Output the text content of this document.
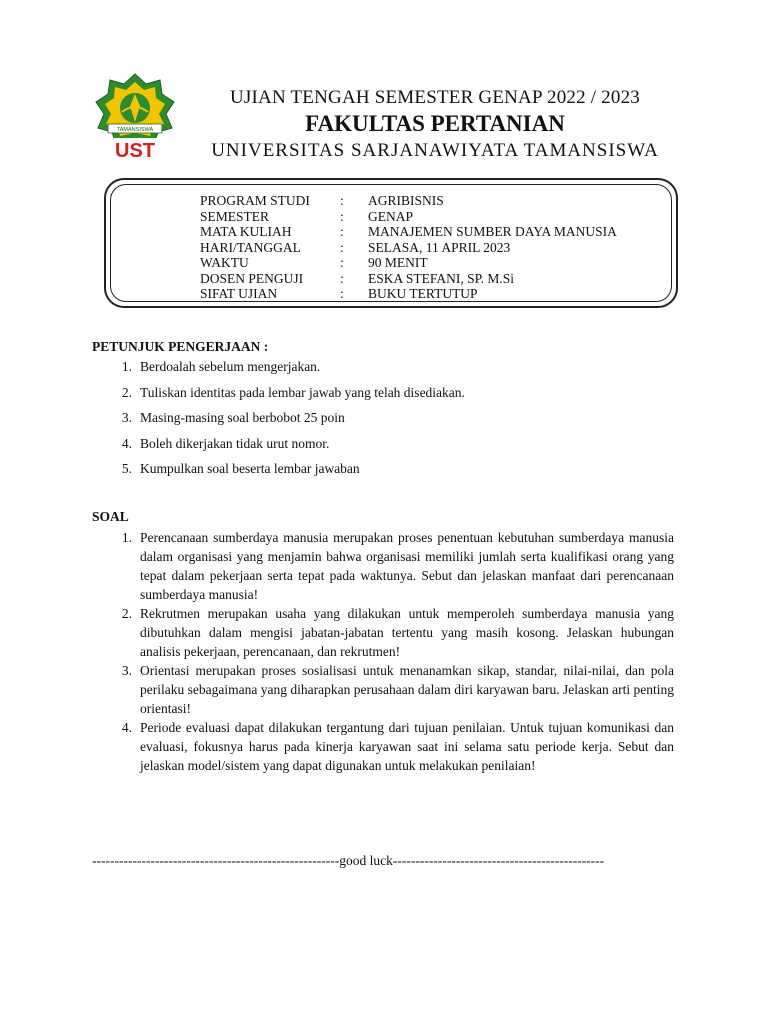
TAMANSISWA
UST
UJIAN TENGAH SEMESTER GENAP 2022 / 2023
FAKULTAS PERTANIAN
UNIVERSITAS SARJANAWIYATA TAMANSISWA
PROGRAM STUDI	:	AGRIBISNIS
SEMESTER	:	GENAP
MATA KULIAH	:	MANAJEMEN SUMBER DAYA MANUSIA
HARI/TANGGAL	:	SELASA, 11 APRIL 2023
WAKTU	:	90 MENIT
DOSEN PENGUJI	:	ESKA STEFANI, SP. M.Si
SIFAT UJIAN	:	BUKU TERTUTUP
PETUNJUK PENGERJAAN :
1. Berdoalah sebelum mengerjakan.
2. Tuliskan identitas pada lembar jawab yang telah disediakan.
3. Masing-masing soal berbobot 25 poin
4. Boleh dikerjakan tidak urut nomor.
5. Kumpulkan soal beserta lembar jawaban
SOAL
1. Perencanaan sumberdaya manusia merupakan proses penentuan kebutuhan sumberdaya manusia dalam organisasi yang menjamin bahwa organisasi memiliki jumlah serta kualifikasi orang yang tepat dalam pekerjaan serta tepat pada waktunya. Sebut dan jelaskan manfaat dari perencanaan sumberdaya manusia!
2. Rekrutmen merupakan usaha yang dilakukan untuk memperoleh sumberdaya manusia yang dibutuhkan dalam mengisi jabatan-jabatan tertentu yang masih kosong. Jelaskan hubungan analisis pekerjaan, perencanaan, dan rekrutmen!
3. Orientasi merupakan proses sosialisasi untuk menanamkan sikap, standar, nilai-nilai, dan pola perilaku sebagaimana yang diharapkan perusahaan dalam diri karyawan baru. Jelaskan arti penting orientasi!
4. Periode evaluasi dapat dilakukan tergantung dari tujuan penilaian. Untuk tujuan komunikasi dan evaluasi, fokusnya harus pada kinerja karyawan saat ini selama satu periode kerja. Sebut dan jelaskan model/sistem yang dapat digunakan untuk melakukan penilaian!
-------------------------------------------------------good luck-----------------------------------------------
